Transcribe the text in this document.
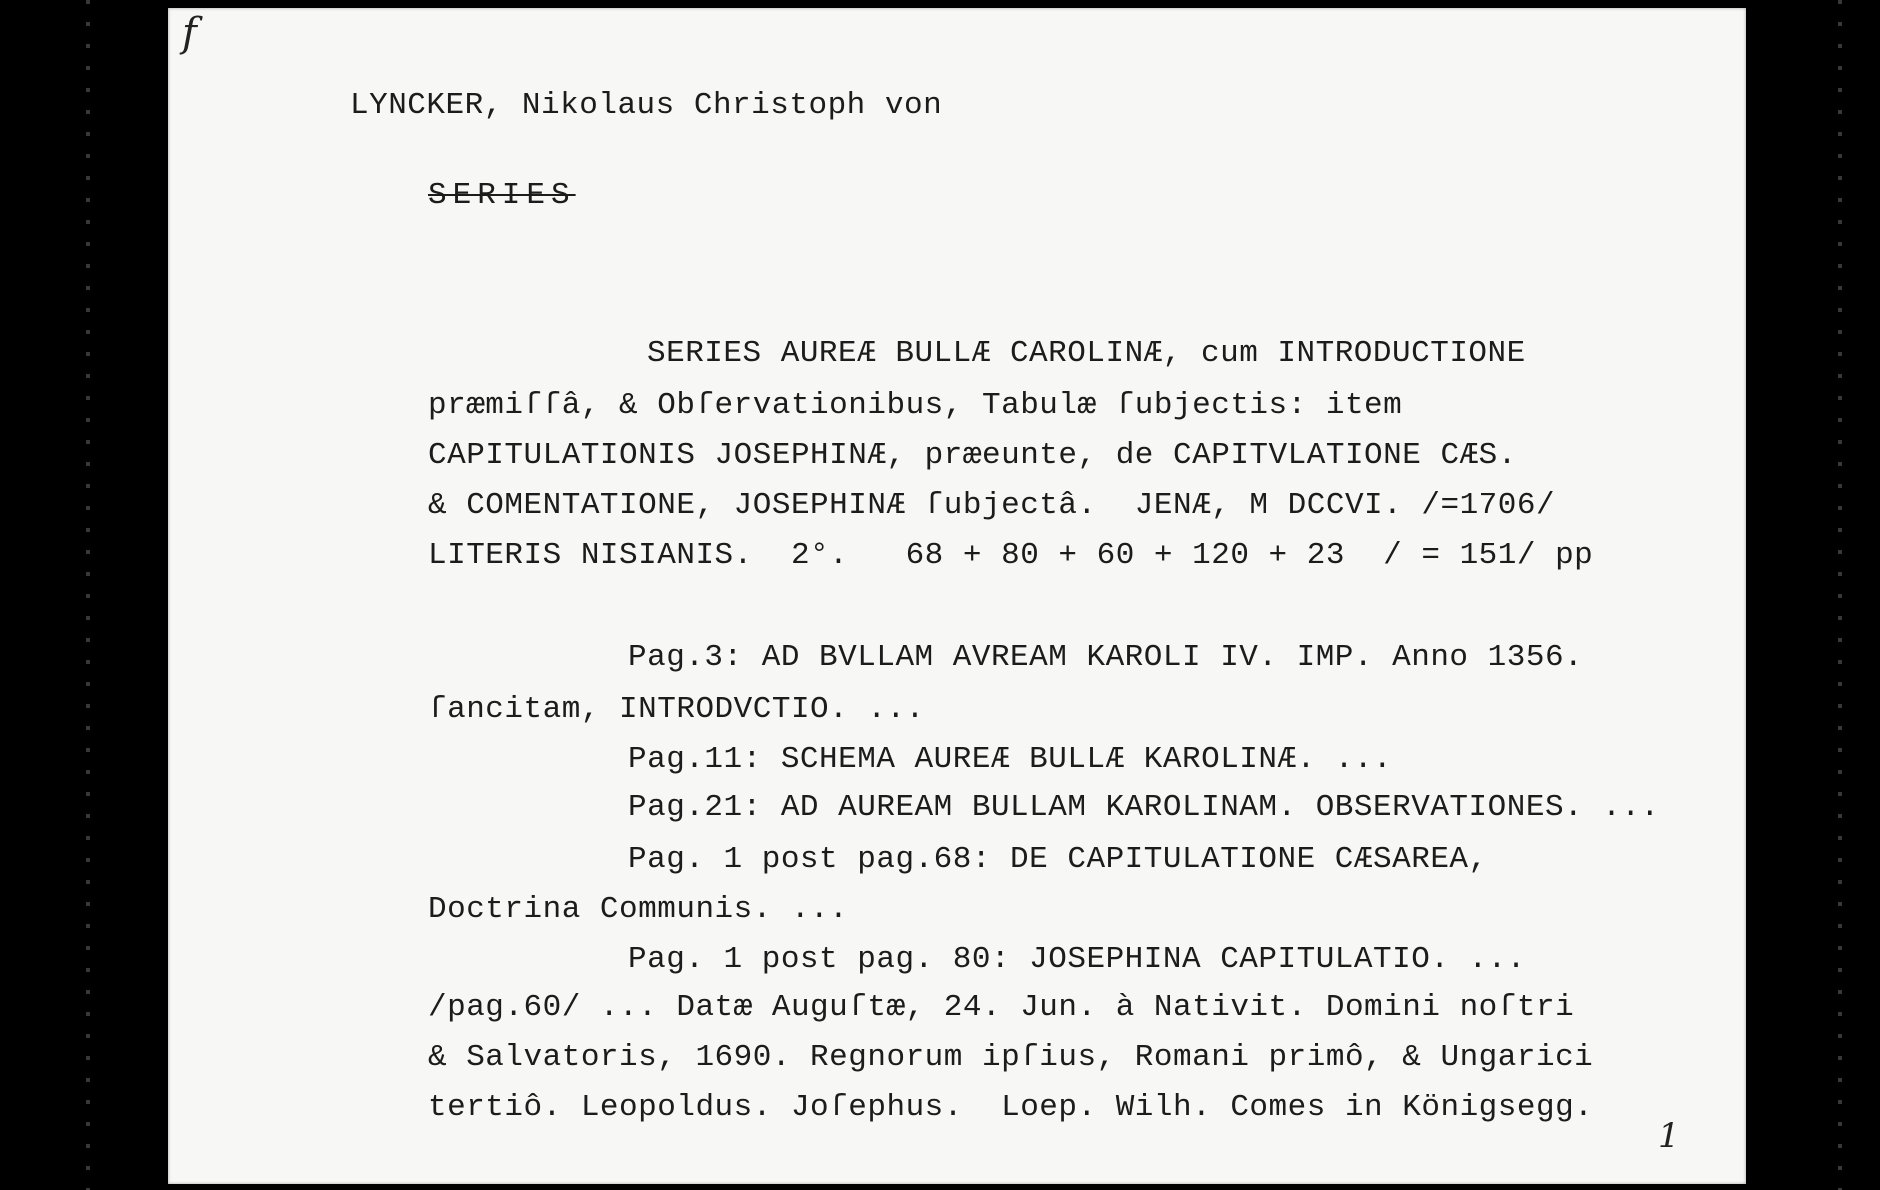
f
LYNCKER, Nikolaus Christoph von
SERIES
SERIES AUREÆ BULLÆ CAROLINÆ, cum INTRODUCTIONE
præmiſſâ, & Obſervationibus, Tabulæ ſubjectis: item
CAPITULATIONIS JOSEPHINÆ, præeunte, de CAPITVLATIONE CÆS.
& COMENTATIONE, JOSEPHINÆ ſubjectâ.  JENÆ, M DCCVI. /=1706/
LITERIS NISIANIS.  2°.   68 + 80 + 60 + 120 + 23  / = 151/ pp
Pag.3: AD BVLLAM AVREAM KAROLI IV. IMP. Anno 1356.
ſancitam, INTRODVCTIO. ...
Pag.11: SCHEMA AUREÆ BULLÆ KAROLINÆ. ...
Pag.21: AD AUREAM BULLAM KAROLINAM. OBSERVATIONES. ...
Pag. 1 post pag.68: DE CAPITULATIONE CÆSAREA,
Doctrina Communis. ...
Pag. 1 post pag. 80: JOSEPHINA CAPITULATIO. ...
/pag.60/ ... Datæ Auguſtæ, 24. Jun. à Nativit. Domini noſtri
& Salvatoris, 1690. Regnorum ipſius, Romani primô, & Ungarici
tertiô. Leopoldus. Joſephus.  Loep. Wilh. Comes in Königsegg.
1
